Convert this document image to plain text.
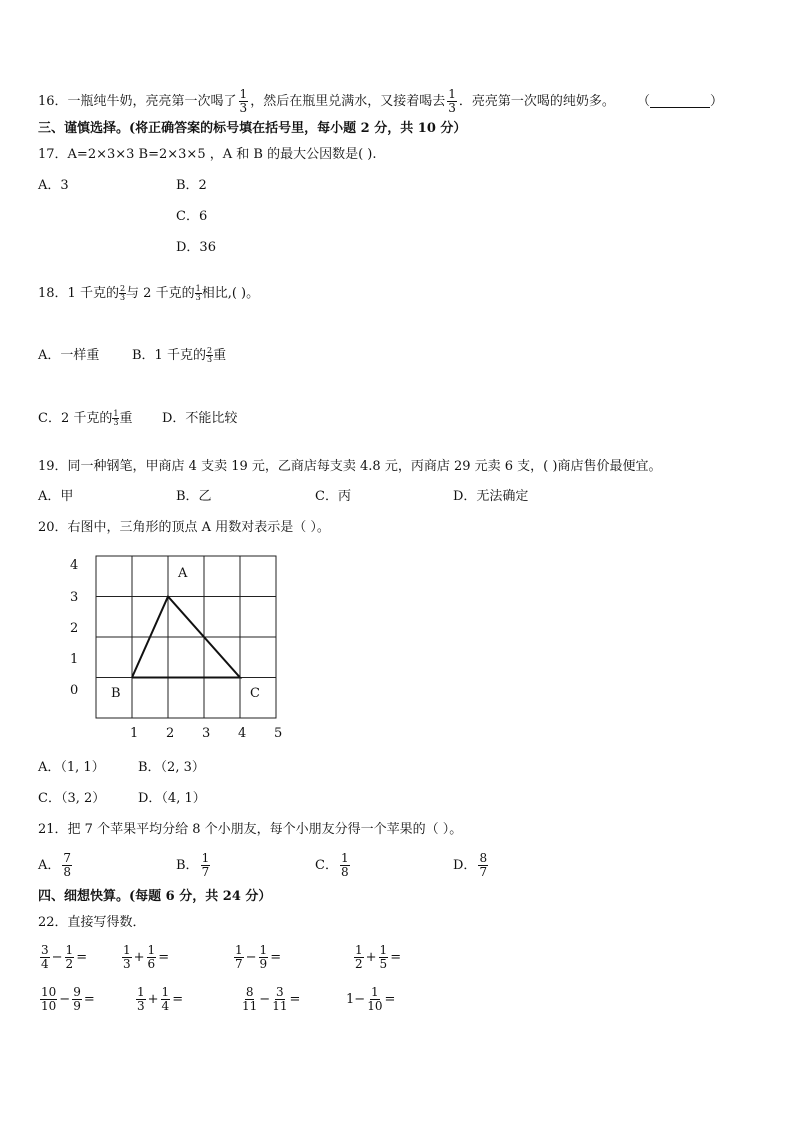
16．一瓶纯牛奶，亮亮第一次喝了 $\frac{1}{3}$ ，然后在瓶里兑满水，又接着喝去 $\frac{1}{3}$ ．亮亮第一次喝的纯奶多。 （	）
三、谨慎选择。(将正确答案的标号填在括号里，每小题 2 分，共 10 分）
17．A=2×3×3 B=2×3×5 ，A 和 B 的最大公因数是( ).
A．3	B．2
C．6
D．36
18．1 千克的 $\frac{2}{3}$ 与 2 千克的 $\frac{1}{3}$ 相比,( )。
A．一样重	B．1 千克的 $\frac{2}{3}$ 重
C．2 千克的 $\frac{1}{3}$ 重 D．不能比较
19．同一种钢笔，甲商店 4 支卖 19 元，乙商店每支卖 4.8 元，丙商店 29 元卖 6 支，( )商店售价最便宜。
A．甲	B．乙	C．丙	D．无法确定
20．右图中，三角形的顶点 A 用数对表示是（ ）。
4
3
2
1
0
1 2 3 4 5
A
B	C
A．（1, 1）	B．（2, 3）
C．（3, 2）	D．（4, 1）
21．把 7 个苹果平均分给 8 个小朋友，每个小朋友分得一个苹果的（ ）。
A． $\frac{7}{8}$	B． $\frac{1}{7}$	C． $\frac{1}{8}$	D． $\frac{8}{7}$
四、细想快算。(每题 6 分，共 24 分）
22．直接写得数．
$\frac{3}{4} - \frac{1}{2}$ =	$\frac{1}{3} + \frac{1}{6}$ =	$\frac{1}{7} - \frac{1}{9}$ =	$\frac{1}{2} + \frac{1}{5}$ =
$\frac{10}{10} - \frac{9}{9}$ =	$\frac{1}{3} + \frac{1}{4}$ =	$\frac{8}{11} - \frac{3}{11}$ =	$1 - \frac{1}{10}$ =
